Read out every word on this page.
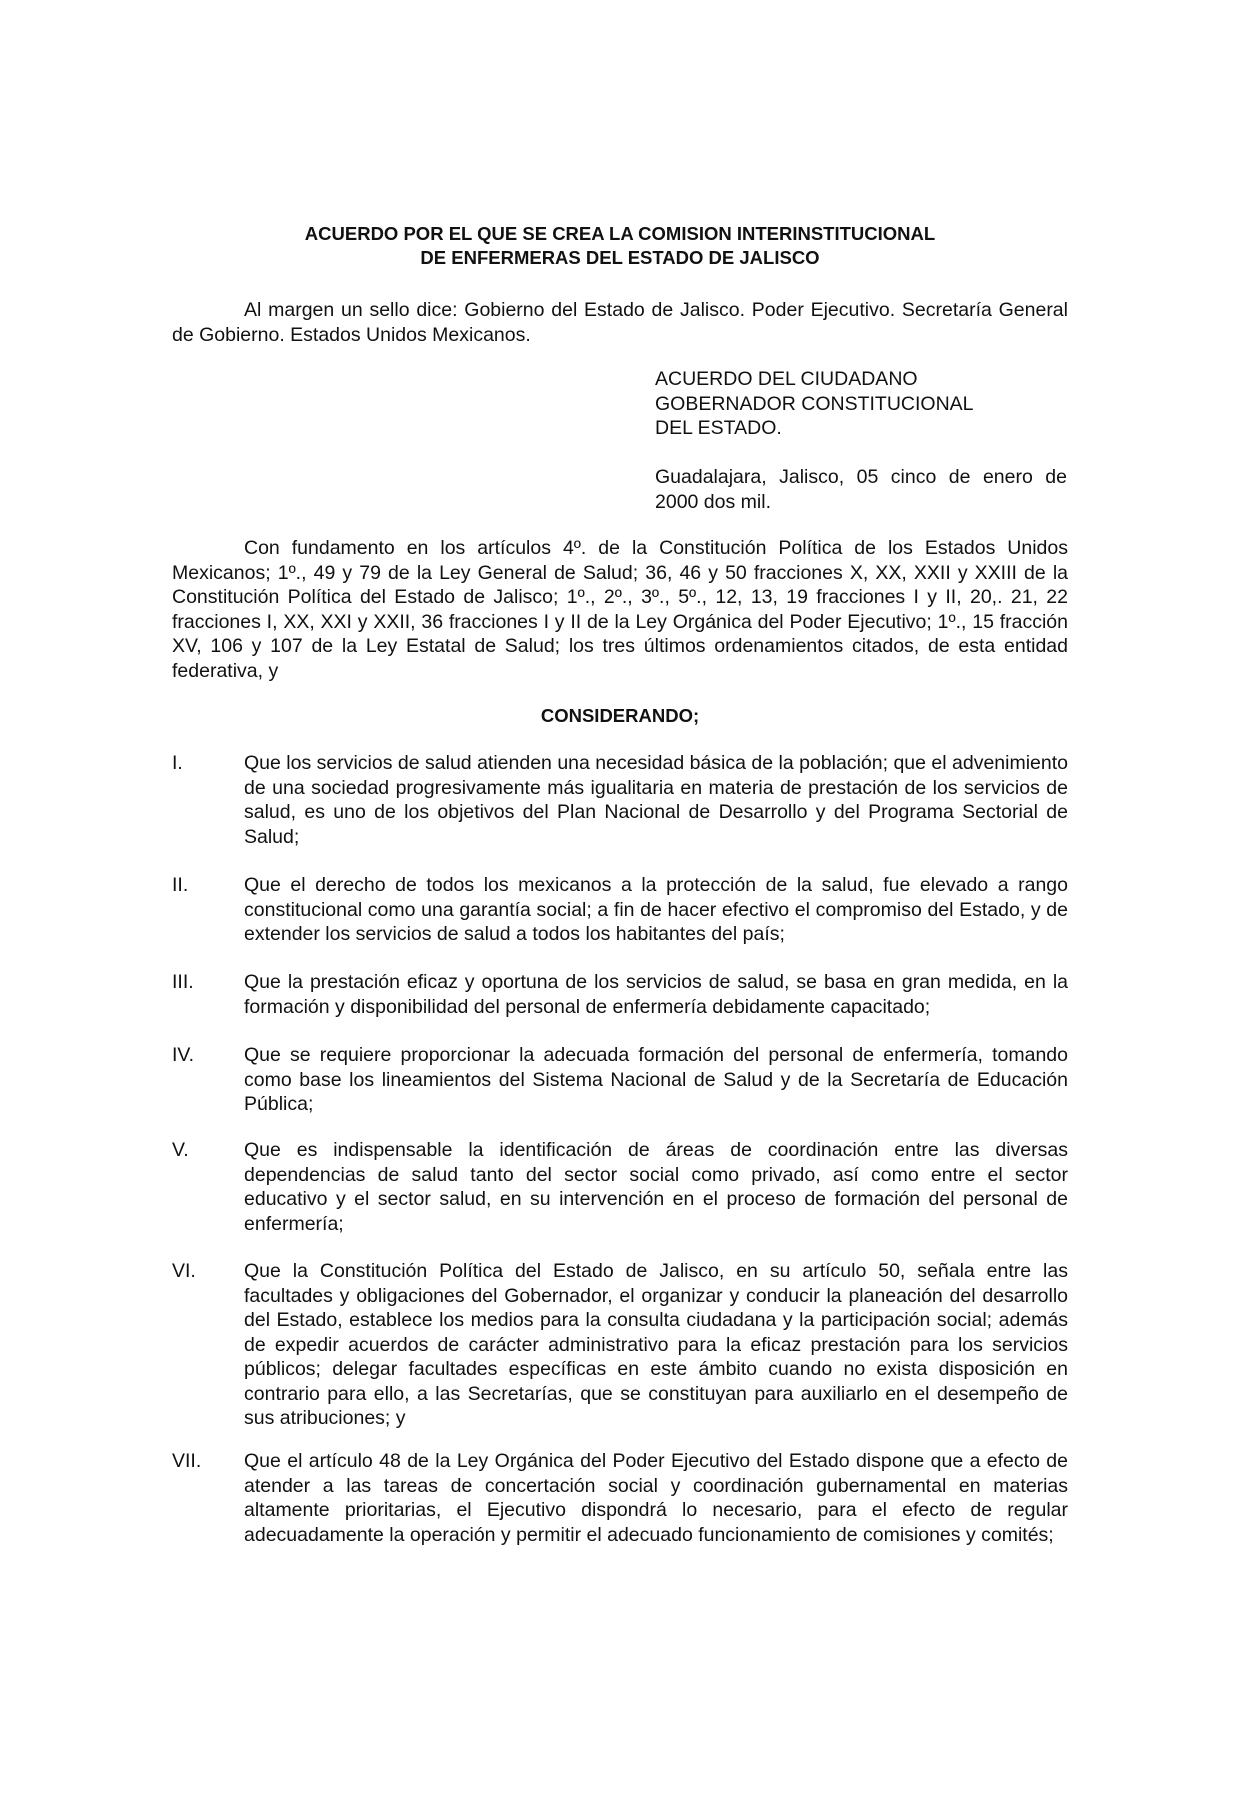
ACUERDO POR EL QUE SE CREA LA COMISION INTERINSTITUCIONAL
DE ENFERMERAS DEL ESTADO DE JALISCO
Al margen un sello dice: Gobierno del Estado de Jalisco. Poder Ejecutivo. Secretaría General de Gobierno. Estados Unidos Mexicanos.
ACUERDO DEL CIUDADANO
GOBERNADOR CONSTITUCIONAL
DEL ESTADO.
Guadalajara, Jalisco, 05 cinco de enero de 2000 dos mil.
Con fundamento en los artículos 4º. de la Constitución Política de los Estados Unidos Mexicanos; 1º., 49 y 79 de la Ley General de Salud; 36, 46 y 50 fracciones X, XX, XXII y XXIII de la Constitución Política del Estado de Jalisco; 1º., 2º., 3º., 5º., 12, 13, 19 fracciones I y II, 20,. 21, 22 fracciones I, XX, XXI y XXII, 36 fracciones I y II de la Ley Orgánica del Poder Ejecutivo; 1º., 15 fracción XV, 106 y 107 de la Ley Estatal de Salud; los tres últimos ordenamientos citados, de esta entidad federativa, y
CONSIDERANDO;
I.	Que los servicios de salud atienden una necesidad básica de la población; que el advenimiento de una sociedad progresivamente más igualitaria en materia de prestación de los servicios de salud, es uno de los objetivos del Plan Nacional de Desarrollo y del Programa Sectorial de Salud;
II.	Que el derecho de todos los mexicanos a la protección de la salud, fue elevado a rango constitucional como una garantía social; a fin de hacer efectivo el compromiso del Estado, y de extender los servicios de salud a todos los habitantes del país;
III.	Que la prestación eficaz y oportuna de los servicios de salud, se basa en gran medida, en la formación y disponibilidad del personal de enfermería debidamente capacitado;
IV.	Que se requiere proporcionar la adecuada formación del personal de enfermería, tomando como base los lineamientos del Sistema Nacional de Salud y de la Secretaría de Educación Pública;
V.	Que es indispensable la identificación de áreas de coordinación entre las diversas dependencias de salud tanto del sector social como privado, así como entre el sector educativo y el sector salud, en su intervención en el proceso de formación del personal de enfermería;
VI.	Que la Constitución Política del Estado de Jalisco, en su artículo 50, señala entre las facultades y obligaciones del Gobernador, el organizar y conducir la planeación del desarrollo del Estado, establece los medios para la consulta ciudadana y la participación social; además de expedir acuerdos de carácter administrativo para la eficaz prestación para los servicios públicos; delegar facultades específicas en este ámbito cuando no exista disposición en contrario para ello, a las Secretarías, que se constituyan para auxiliarlo en el desempeño de sus atribuciones; y
VII.	Que el artículo 48 de la Ley Orgánica del Poder Ejecutivo del Estado dispone que a efecto de atender a las tareas de concertación social y coordinación gubernamental en materias altamente prioritarias, el Ejecutivo dispondrá lo necesario, para el efecto de regular adecuadamente la operación y permitir el adecuado funcionamiento de comisiones y comités;
